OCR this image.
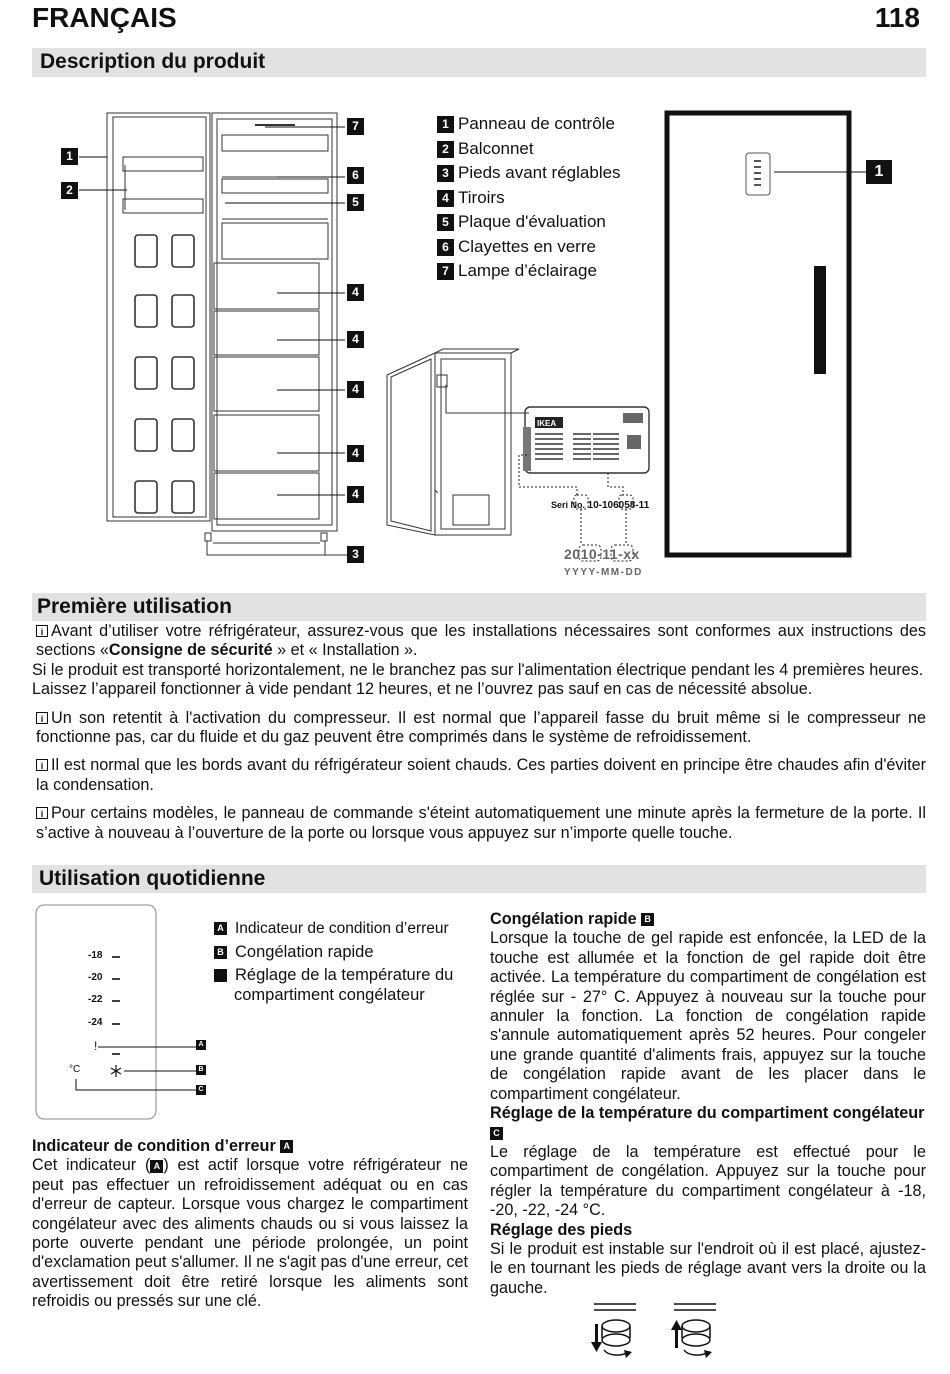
FRANÇAIS	118
Description du produit
1
2
7
6
5
4
4
4
4
4
3
1 Panneau de contrôle
2 Balconnet
3 Pieds avant réglables
4 Tiroirs
5 Plaque d'évaluation
6 Clayettes en verre
7 Lampe d’éclairage
IKEA
Seri No. 10-106058-11
2010-11-xx
YYYY-MM-DD
1
Première utilisation
i Avant d’utiliser votre réfrigérateur, assurez-vous que les installations nécessaires sont conformes aux instructions des sections «Consigne de sécurité » et « Installation ».
Si le produit est transporté horizontalement, ne le branchez pas sur l'alimentation électrique pendant les 4 premières heures.
Laissez l’appareil fonctionner à vide pendant 12 heures, et ne l’ouvrez pas sauf en cas de nécessité absolue.
i Un son retentit à l'activation du compresseur. Il est normal que l’appareil fasse du bruit même si le compresseur ne fonctionne pas, car du fluide et du gaz peuvent être comprimés dans le système de refroidissement.
i Il est normal que les bords avant du réfrigérateur soient chauds. Ces parties doivent en principe être chaudes afin d'éviter la condensation.
i Pour certains modèles, le panneau de commande s'éteint automatiquement une minute après la fermeture de la porte. Il s’active à nouveau à l’ouverture de la porte ou lorsque vous appuyez sur n’importe quelle touche.
Utilisation quotidienne
-18
-20
-22
-24
!
°C
A
B
C
A Indicateur de condition d’erreur
B Congélation rapide
C Réglage de la température du compartiment congélateur
Indicateur de condition d’erreur A

Cet indicateur ( A ) est actif lorsque votre réfrigérateur ne peut pas effectuer un refroidissement adéquat ou en cas d'erreur de capteur. Lorsque vous chargez le compartiment congélateur avec des aliments chauds ou si vous laissez la porte ouverte pendant une période prolongée, un point d'exclamation peut s'allumer. Il ne s'agit pas d'une erreur, cet avertissement doit être retiré lorsque les aliments sont refroidis ou pressés sur une clé.

Congélation rapide B

Lorsque la touche de gel rapide est enfoncée, la LED de la touche est allumée et la fonction de gel rapide doit être activée. La température du compartiment de congélation est réglée sur - 27° C. Appuyez à nouveau sur la touche pour annuler la fonction. La fonction de congélation rapide s'annule automatiquement après 52 heures. Pour congeler une grande quantité d'aliments frais, appuyez sur la touche de congélation rapide avant de les placer dans le compartiment congélateur.

Réglage de la température du compartiment congélateur C

Le réglage de la température est effectué pour le compartiment de congélation. Appuyez sur la touche pour régler la température du compartiment congélateur à -18, -20, -22, -24 °C.

Réglage des pieds

Si le produit est instable sur l'endroit où il est placé, ajustez-le en tournant les pieds de réglage avant vers la droite ou la gauche.
